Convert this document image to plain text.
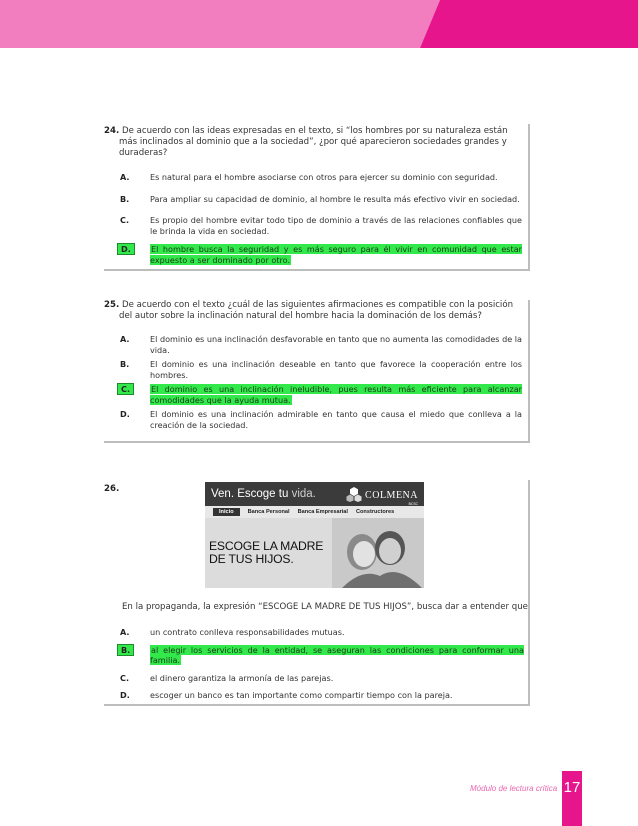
24. De acuerdo con las ideas expresadas en el texto, si “los hombres por su naturaleza están más inclinados al dominio que a la sociedad”, ¿por qué aparecieron sociedades grandes y duraderas?
A.	Es natural para el hombre asociarse con otros para ejercer su dominio con seguridad.
B.	Para ampliar su capacidad de dominio, al hombre le resulta más efectivo vivir en sociedad.
C.	Es propio del hombre evitar todo tipo de dominio a través de las relaciones confiables que le brinda la vida en sociedad.
D.	El hombre busca la seguridad y es más seguro para él vivir en comunidad que estar expuesto a ser dominado por otro.
25. De acuerdo con el texto ¿cuál de las siguientes afirmaciones es compatible con la posición del autor sobre la inclinación natural del hombre hacia la dominación de los demás?
A.	El dominio es una inclinación desfavorable en tanto que no aumenta las comodidades de la vida.
B.	El dominio es una inclinación deseable en tanto que favorece la cooperación entre los hombres.
C.	El dominio es una inclinación ineludible, pues resulta más eficiente para alcanzar comodidades que la ayuda mutua.
D.	El dominio es una inclinación admirable en tanto que causa el miedo que conlleva a la creación de la sociedad.
26.	Ven. Escoge tu vida.	COLMENA
BCSC
Inicio	Banca Personal Banca Empresarial Constructores
ESCOGE LA MADRE
DE TUS HIJOS.
En la propaganda, la expresión “ESCOGE LA MADRE DE TUS HIJOS”, busca dar a entender que
A.	un contrato conlleva responsabilidades mutuas.
B.	al elegir los servicios de la entidad, se aseguran las condiciones para conformar una familia.
C.	el dinero garantiza la armonía de las parejas.
D.	escoger un banco es tan importante como compartir tiempo con la pareja.
Módulo de lectura crítica 17
